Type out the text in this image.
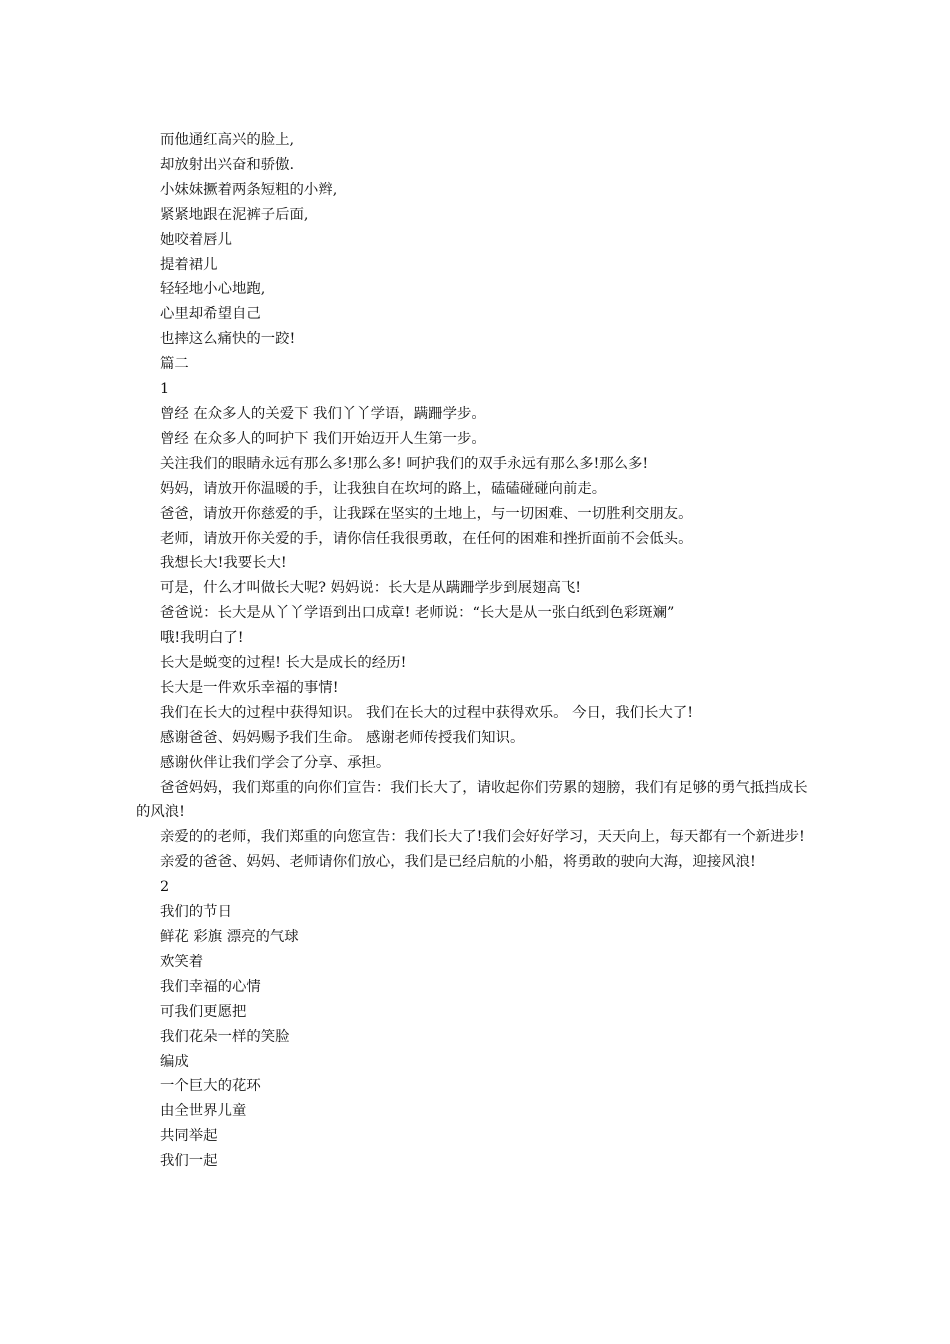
而他通红高兴的脸上,
却放射出兴奋和骄傲.
小妹妹撅着两条短粗的小辫,
紧紧地跟在泥裤子后面,
她咬着唇儿
提着裙儿
轻轻地小心地跑,
心里却希望自己
也摔这么痛快的一跤!
篇二
1
曾经 在众多人的关爱下 我们丫丫学语，蹒跚学步。
曾经 在众多人的呵护下 我们开始迈开人生第一步。
关注我们的眼睛永远有那么多!那么多! 呵护我们的双手永远有那么多!那么多!
妈妈，请放开你温暖的手，让我独自在坎坷的路上，磕磕碰碰向前走。
爸爸，请放开你慈爱的手，让我踩在坚实的土地上，与一切困难、一切胜利交朋友。
老师，请放开你关爱的手，请你信任我很勇敢，在任何的困难和挫折面前不会低头。
我想长大!我要长大!
可是，什么才叫做长大呢? 妈妈说：长大是从蹒跚学步到展翅高飞!
爸爸说：长大是从丫丫学语到出口成章! 老师说：“长大是从一张白纸到色彩斑斓”
哦!我明白了!
长大是蜕变的过程! 长大是成长的经历!
长大是一件欢乐幸福的事情!
我们在长大的过程中获得知识。 我们在长大的过程中获得欢乐。 今日，我们长大了!
感谢爸爸、妈妈赐予我们生命。 感谢老师传授我们知识。
感谢伙伴让我们学会了分享、承担。
爸爸妈妈，我们郑重的向你们宣告：我们长大了，请收起你们劳累的翅膀，我们有足够的勇气抵挡成长的风浪!
亲爱的的老师，我们郑重的向您宣告：我们长大了!我们会好好学习，天天向上，每天都有一个新进步!
亲爱的爸爸、妈妈、老师请你们放心，我们是已经启航的小船，将勇敢的驶向大海，迎接风浪!
2
我们的节日
鲜花 彩旗 漂亮的气球
欢笑着
我们幸福的心情
可我们更愿把
我们花朵一样的笑脸
编成
一个巨大的花环
由全世界儿童
共同举起
我们一起
